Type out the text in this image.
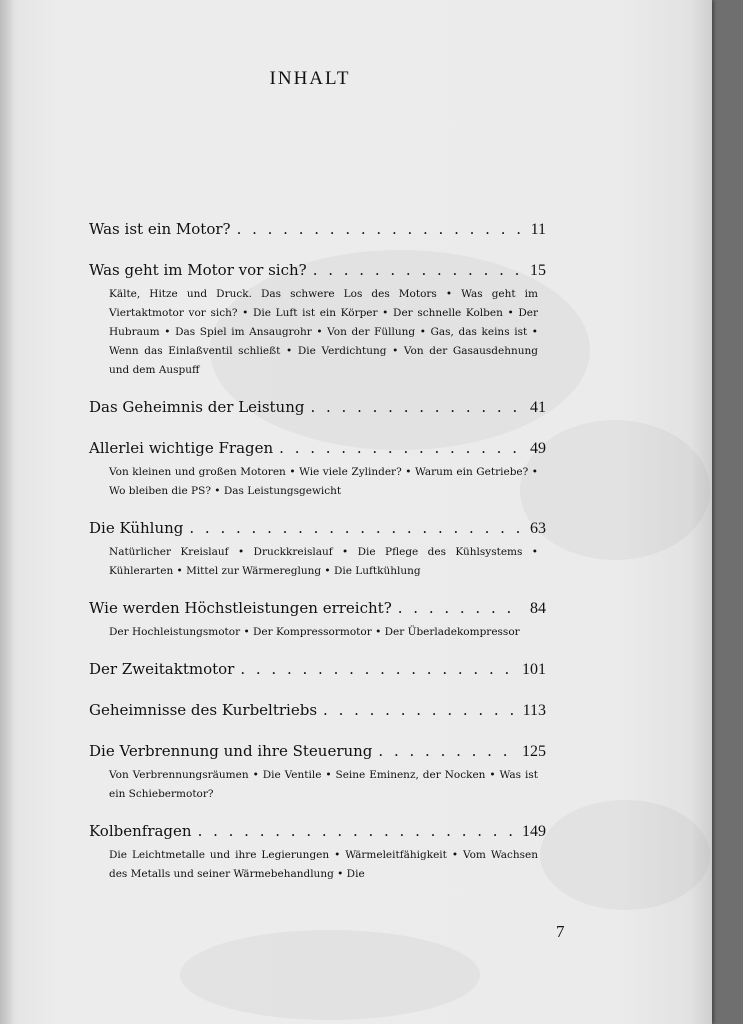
INHALT
Was ist ein Motor? . . .	11
Was geht im Motor vor sich? . . .	15
Kälte, Hitze und Druck. Das schwere Los des Motors • Was geht im Viertaktmotor vor sich? • Die Luft ist ein Körper • Der schnelle Kolben • Der Hubraum • Das Spiel im Ansaugrohr • Von der Füllung • Gas, das keins ist • Wenn das Einlaßventil schließt • Die Verdichtung • Von der Gasausdehnung und dem Auspuff
Das Geheimnis der Leistung . . .	41
Allerlei wichtige Fragen . . .	49
Von kleinen und großen Motoren • Wie viele Zylinder? • Warum ein Getriebe? • Wo bleiben die PS? • Das Leistungsgewicht
Die Kühlung . . .	63
Natürlicher Kreislauf • Druckkreislauf • Die Pflege des Kühlsystems • Kühlerarten • Mittel zur Wärmereglung • Die Luftkühlung
Wie werden Höchstleistungen erreicht? . . .	84
Der Hochleistungsmotor • Der Kompressormotor • Der Überladekompressor
Der Zweitaktmotor . . .	101
Geheimnisse des Kurbeltriebs . . .	113
Die Verbrennung und ihre Steuerung . . .	125
Von Verbrennungsräumen • Die Ventile • Seine Eminenz, der Nocken • Was ist ein Schiebermotor?
Kolbenfragen . . .	149
Die Leichtmetalle und ihre Legierungen • Wärmeleitfähigkeit • Vom Wachsen des Metalls und seiner Wärmebehandlung • Die
7
